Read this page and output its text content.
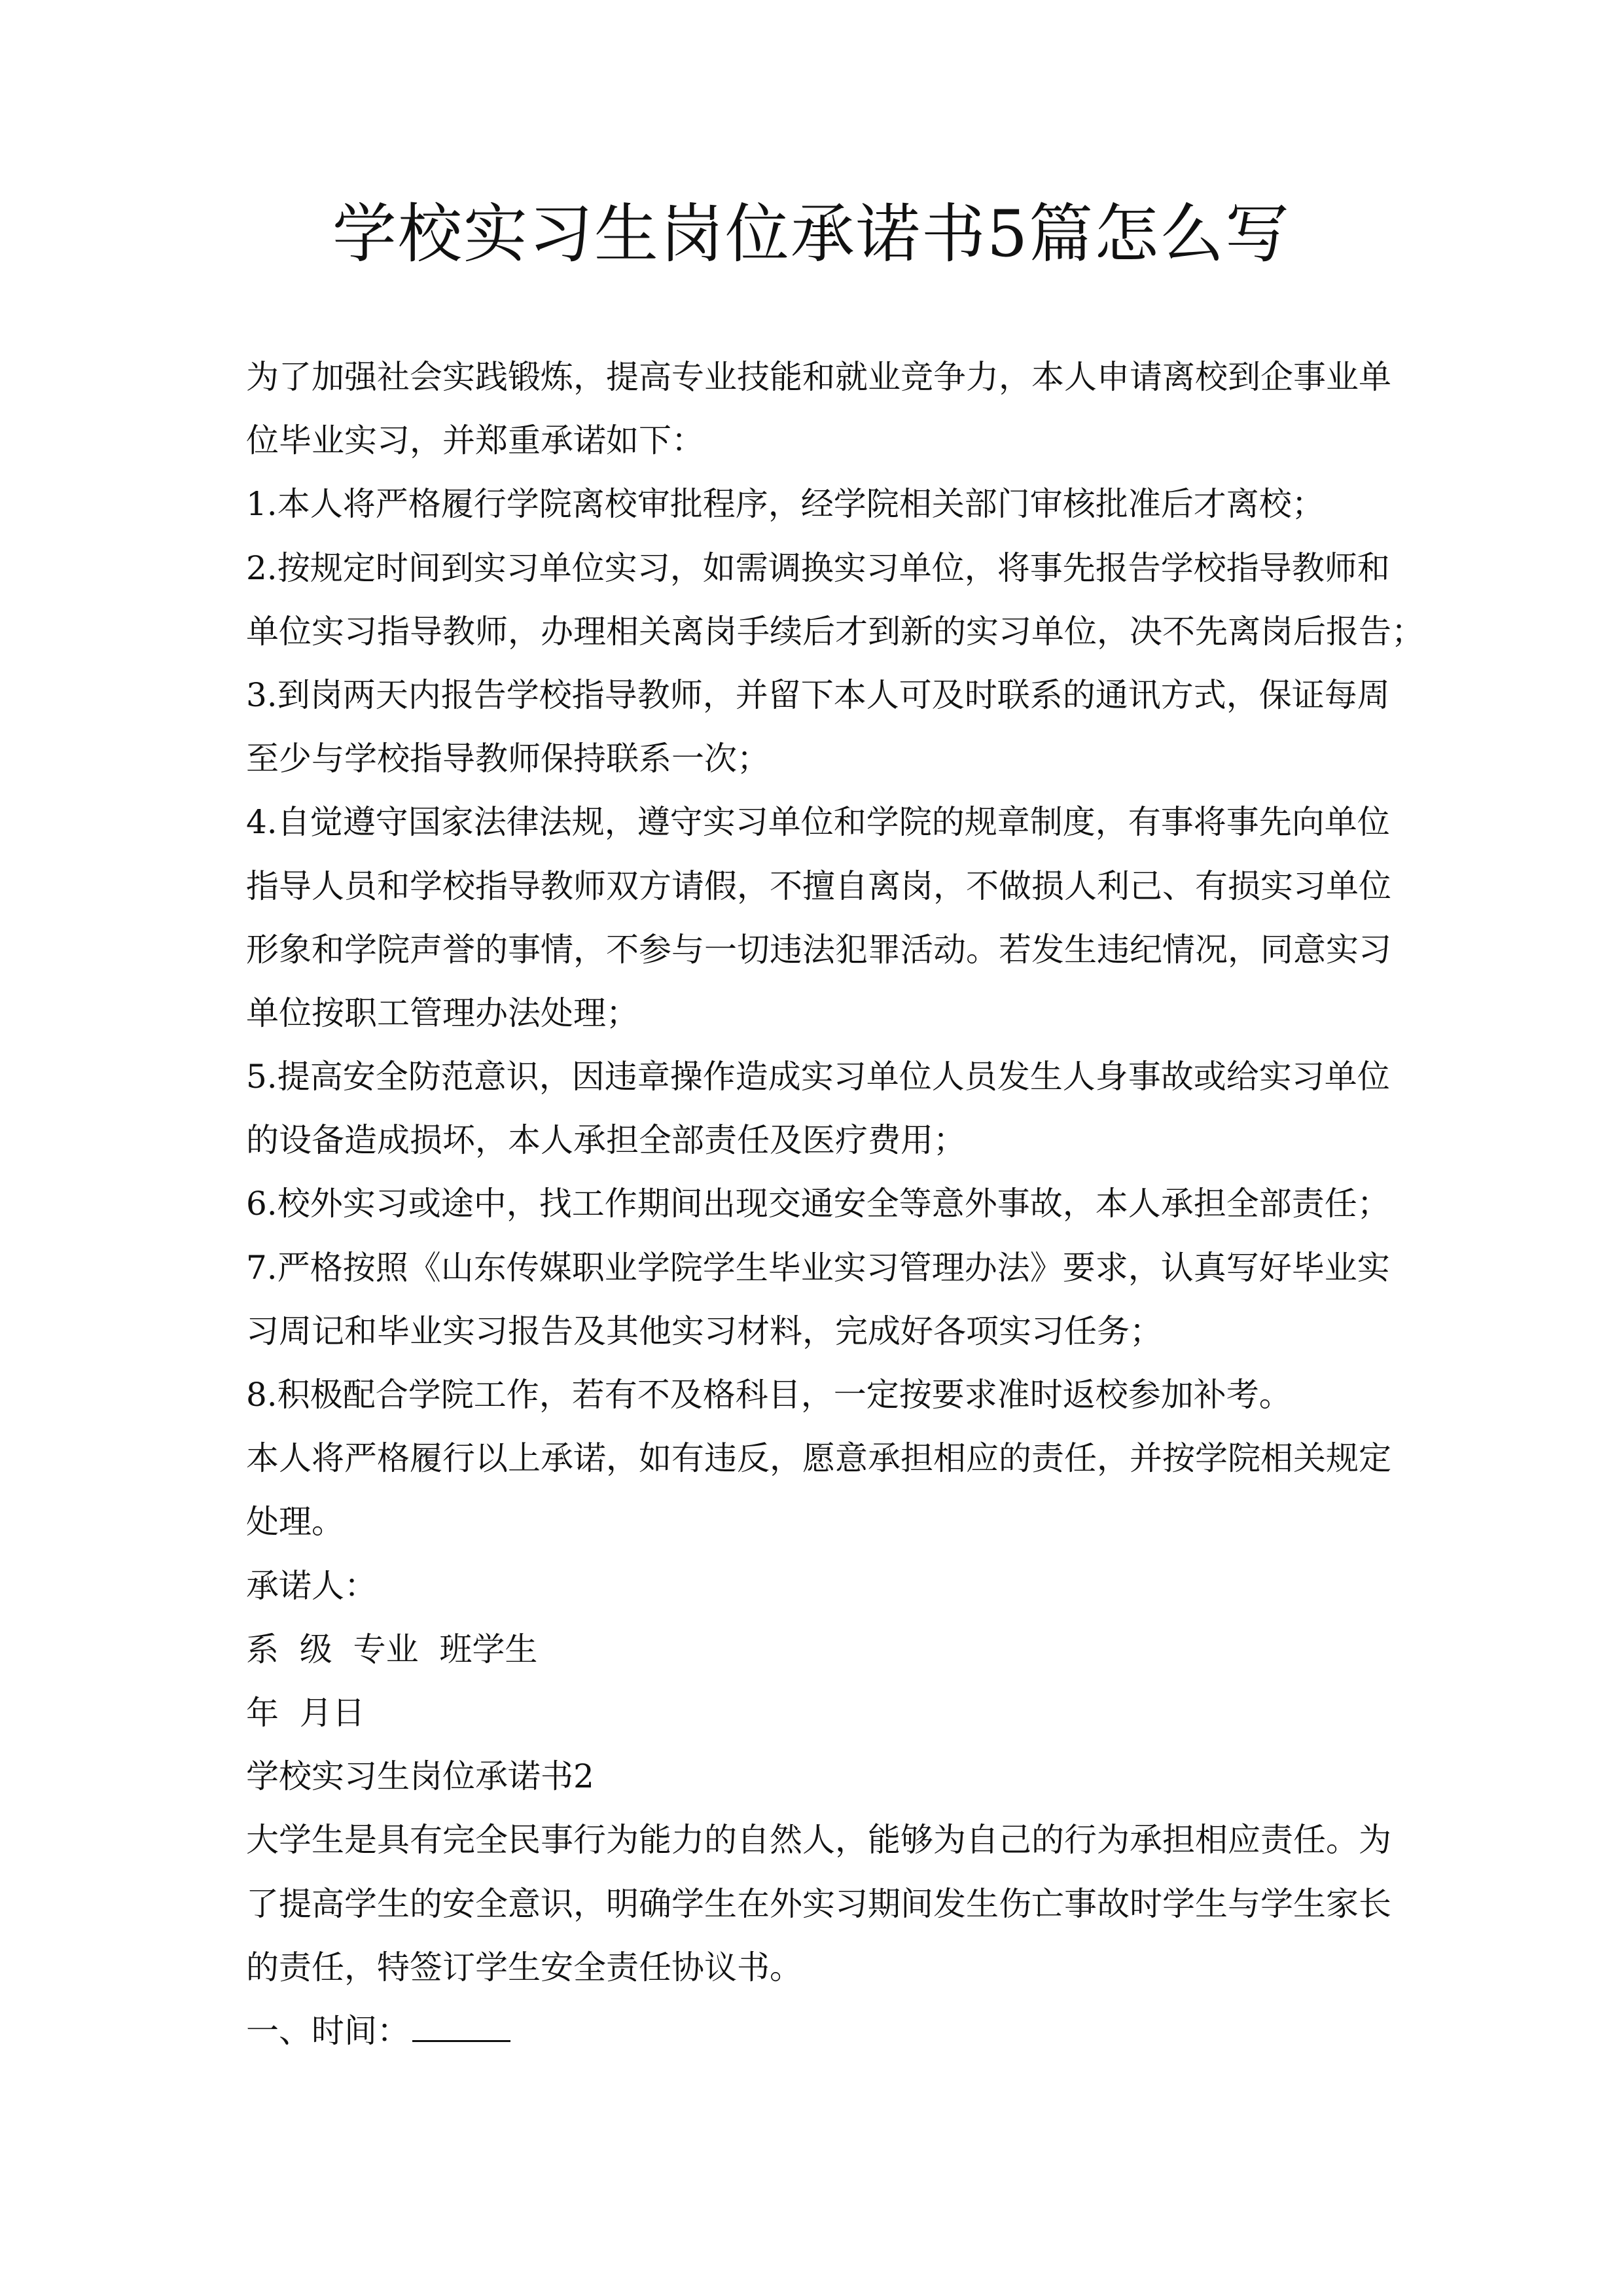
学校实习生岗位承诺书5篇怎么写
为了加强社会实践锻炼，提高专业技能和就业竞争力，本人申请离校到企事业单
位毕业实习，并郑重承诺如下：
1.本人将严格履行学院离校审批程序，经学院相关部门审核批准后才离校；
2.按规定时间到实习单位实习，如需调换实习单位，将事先报告学校指导教师和
单位实习指导教师，办理相关离岗手续后才到新的实习单位，决不先离岗后报告；
3.到岗两天内报告学校指导教师，并留下本人可及时联系的通讯方式，保证每周
至少与学校指导教师保持联系一次；
4.自觉遵守国家法律法规，遵守实习单位和学院的规章制度，有事将事先向单位
指导人员和学校指导教师双方请假，不擅自离岗，不做损人利己、有损实习单位
形象和学院声誉的事情，不参与一切违法犯罪活动。若发生违纪情况，同意实习
单位按职工管理办法处理；
5.提高安全防范意识，因违章操作造成实习单位人员发生人身事故或给实习单位
的设备造成损坏，本人承担全部责任及医疗费用；
6.校外实习或途中，找工作期间出现交通安全等意外事故，本人承担全部责任；
7.严格按照《山东传媒职业学院学生毕业实习管理办法》要求，认真写好毕业实
习周记和毕业实习报告及其他实习材料，完成好各项实习任务；
8.积极配合学院工作，若有不及格科目，一定按要求准时返校参加补考。
本人将严格履行以上承诺，如有违反，愿意承担相应的责任，并按学院相关规定
处理。
承诺人：
系  级  专业  班学生
年  月日
学校实习生岗位承诺书2
大学生是具有完全民事行为能力的自然人，能够为自己的行为承担相应责任。为
了提高学生的安全意识，明确学生在外实习期间发生伤亡事故时学生与学生家长
的责任，特签订学生安全责任协议书。
一、时间：
